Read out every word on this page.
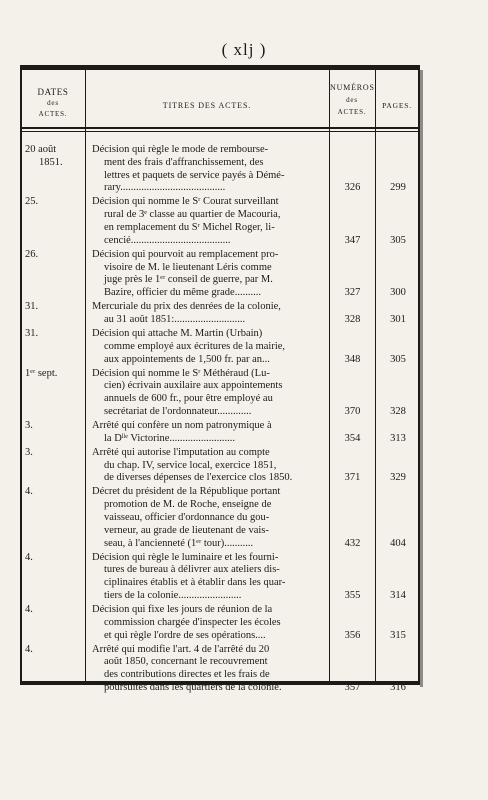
( xlj )
DATES
des
ACTES.
TITRES DES ACTES.
NUMÉROS
des
ACTES.
PAGES.
20 août
1851.
Décision qui règle le mode de rembourse-
ment des frais d'affranchissement, des
lettres et paquets de service payés à Démé-
rary........................................	326	299
25.	Décision qui nomme le Sʳ Courat surveillant
rural de 3ᵉ classe au quartier de Macouria,
en remplacement du Sʳ Michel Roger, li-
cencié......................................	347	305
26.	Décision qui pourvoit au remplacement pro-
visoire de M. le lieutenant Léris comme
juge près le 1ᵉʳ conseil de guerre, par M.
Bazire, officier du même grade..........	327	300
31.	Mercuriale du prix des denrées de la colonie,
au 31 août 1851:...........................	328	301
31.	Décision qui attache M. Martin (Urbain)
comme employé aux écritures de la mairie,
aux appointements de 1,500 fr. par an...	348	305
1ᵉʳ sept.	Décision qui nomme le Sʳ Méthéraud (Lu-
cien) écrivain auxilaire aux appointements
annuels de 600 fr., pour être employé au
secrétariat de l'ordonnateur.............	370	328
3.	Arrêté qui confère un nom patronymique à
la Dˡˡᵉ Victorine.........................	354	313
3.	Arrêté qui autorise l'imputation au compte
du chap. IV, service local, exercice 1851,
de diverses dépenses de l'exercice clos 1850.	371	329
4.	Décret du président de la République portant
promotion de M. de Roche, enseigne de
vaisseau, officier d'ordonnance du gou-
verneur, au grade de lieutenant de vais-
seau, à l'ancienneté (1ᵉʳ tour)...........	432	404
4.	Décision qui règle le luminaire et les fourni-
tures de bureau à délivrer aux ateliers dis-
ciplinaires établis et à établir dans les quar-
tiers de la colonie........................	355	314
4.	Décision qui fixe les jours de réunion de la
commission chargée d'inspecter les écoles
et qui règle l'ordre de ses opérations....	356	315
4.	Arrêté qui modifie l'art. 4 de l'arrêté du 20
août 1850, concernant le recouvrement
des contributions directes et les frais de
poursuites dans les quartiers de la colonie.	357	316
